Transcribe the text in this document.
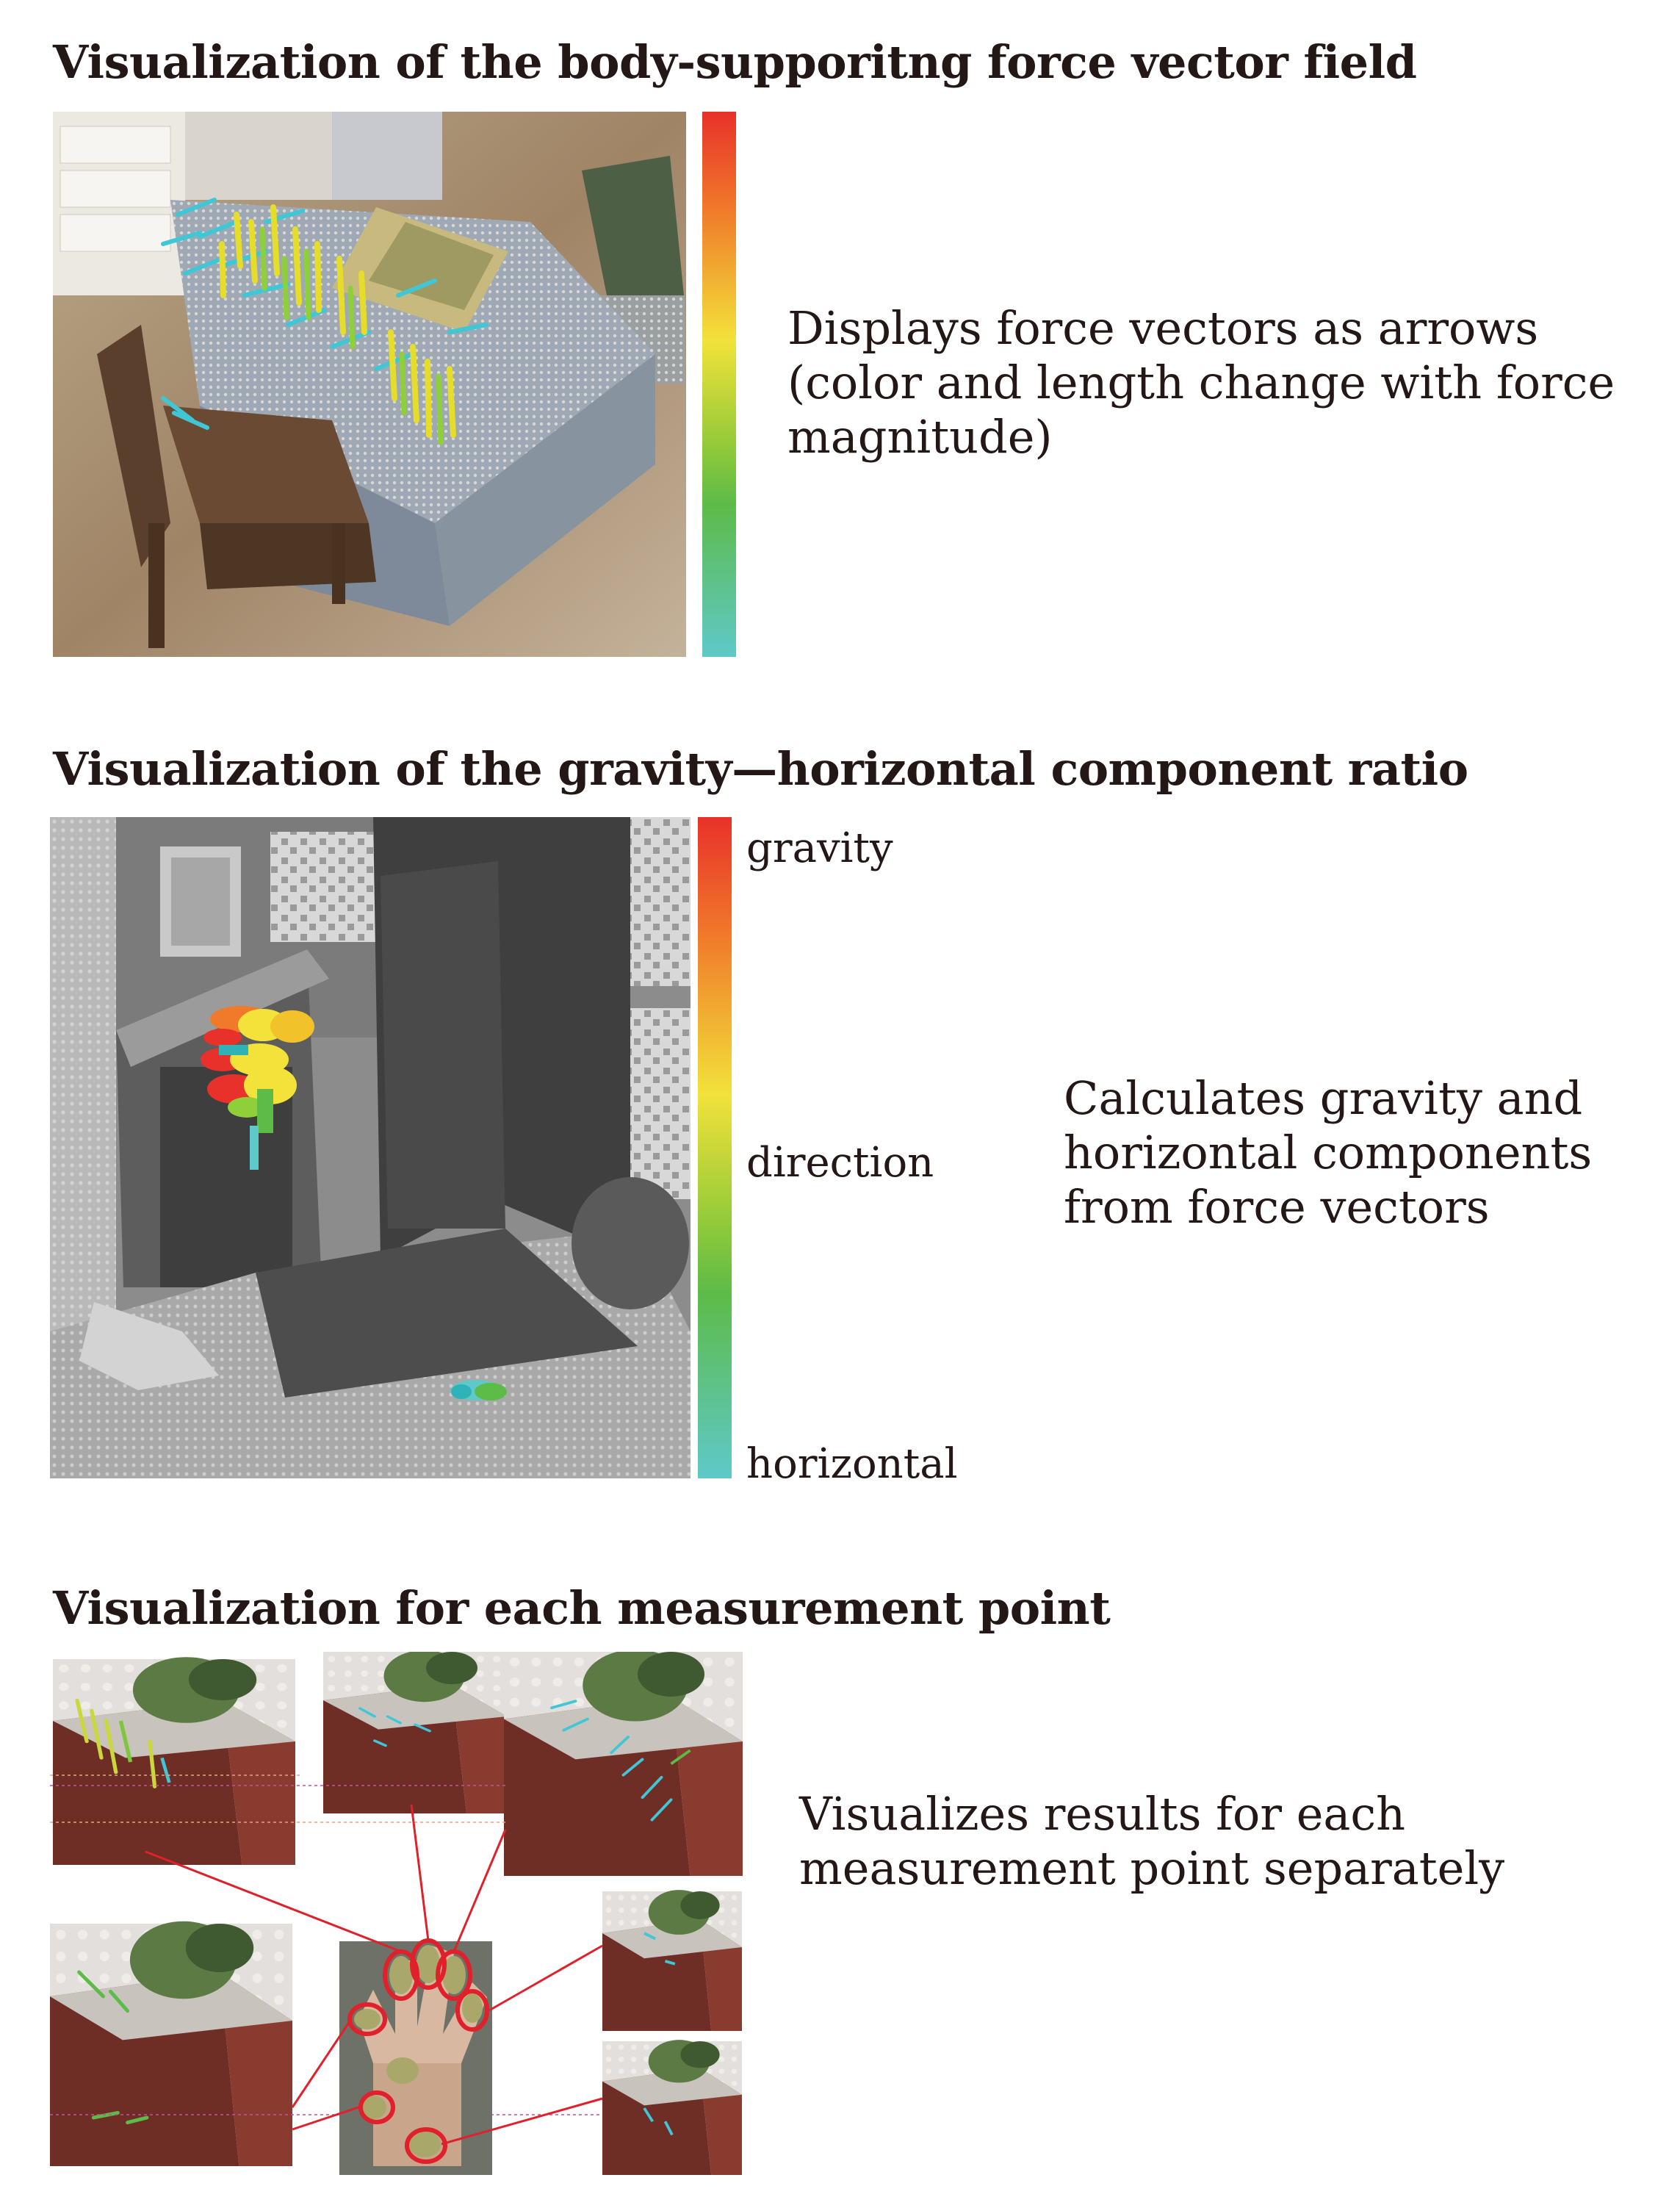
Visualization of the body-supporitng force vector field
Displays force vectors as arrows (color and length change with force magnitude)
Visualization of the gravity—horizontal component ratio
gravity
direction
horizontal
Calculates gravity and horizontal components from force vectors
Visualization for each measurement point
Visualizes results for each measurement point separately
